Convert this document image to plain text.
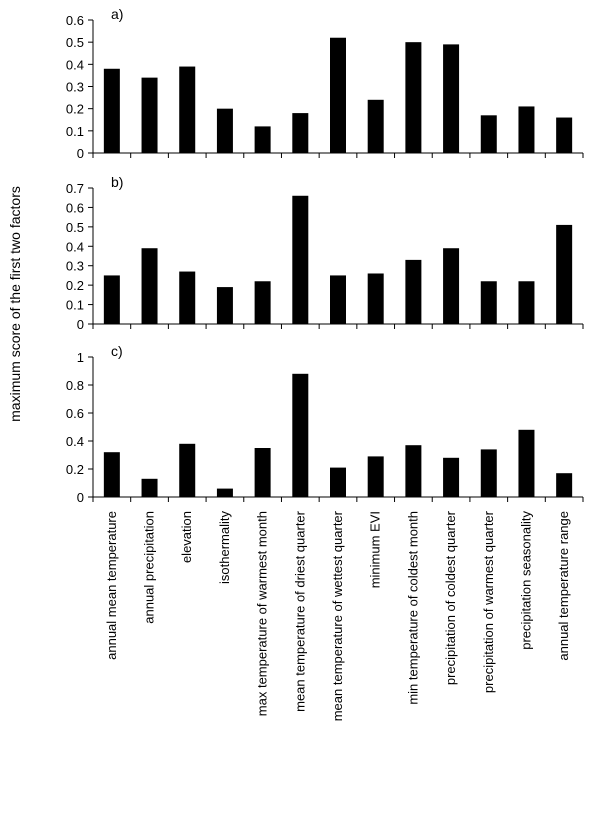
maximum score of the first two factors
0
0.1
0.2
0.3
0.4
0.5
0.6 a)
0
0.1
0.2
0.3
0.4
0.5
0.6
0.7 b)
0
0.2
0.4
0.6
0.8
1 c)
annual mean temperature annual precipitation elevation isothermality max temperature of warmest month mean temperature of driest quarter mean temperature of wettest quarter minimum EVI min temperature of coldest month precipitation of coldest quarter precipitation of warmest quarter precipitation seasonality annual temperature range
